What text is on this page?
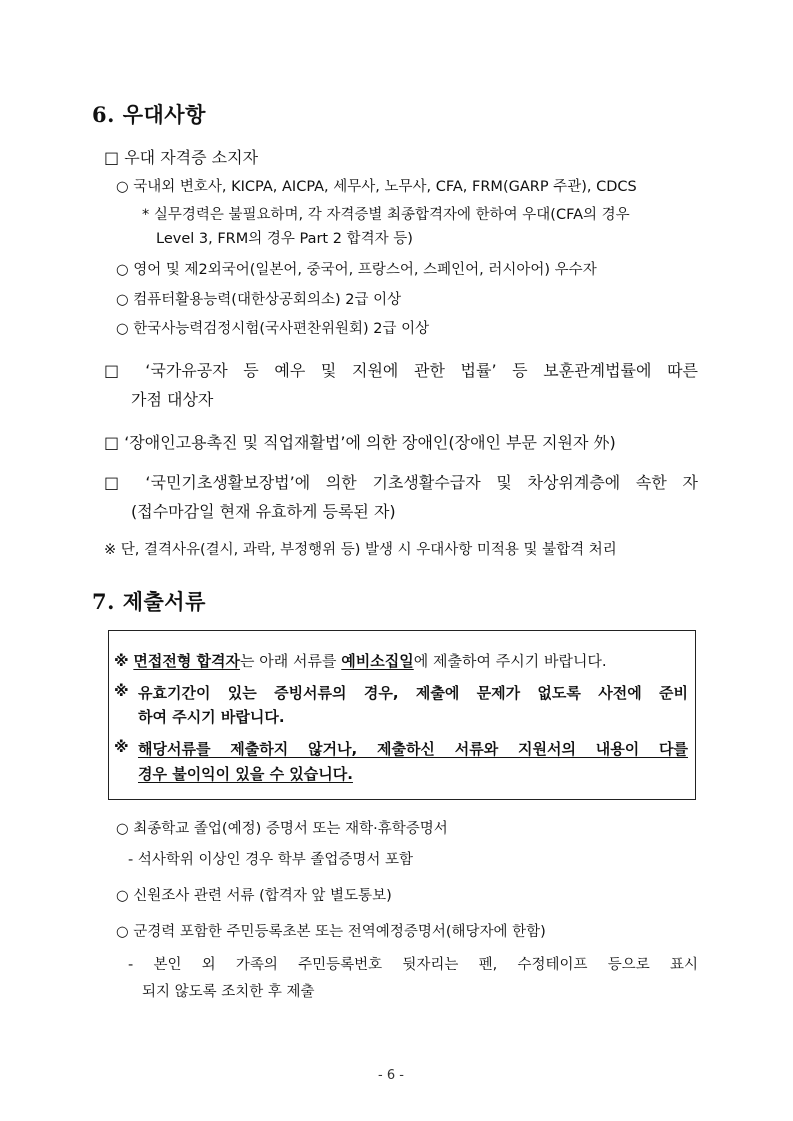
6. 우대사항
□ 우대 자격증 소지자
○ 국내외 변호사, KICPA, AICPA, 세무사, 노무사, CFA, FRM(GARP 주관), CDCS
* 실무경력은 불필요하며, 각 자격증별 최종합격자에 한하여 우대(CFA의 경우
Level 3, FRM의 경우 Part 2 합격자 등)
○ 영어 및 제2외국어(일본어, 중국어, 프랑스어, 스페인어, 러시아어) 우수자
○ 컴퓨터활용능력(대한상공회의소) 2급 이상
○ 한국사능력검정시험(국사편찬위원회) 2급 이상
□ ‘국가유공자 등 예우 및 지원에 관한 법률’ 등 보훈관계법률에 따른
가점 대상자
□ ‘장애인고용촉진 및 직업재활법’에 의한 장애인(장애인 부문 지원자 外)
□ ‘국민기초생활보장법’에 의한 기초생활수급자 및 차상위계층에 속한 자
(접수마감일 현재 유효하게 등록된 자)
※ 단, 결격사유(결시, 과락, 부정행위 등) 발생 시 우대사항 미적용 및 불합격 처리
7. 제출서류
※ 면접전형 합격자는 아래 서류를 예비소집일에 제출하여 주시기 바랍니다.
※ 유효기간이 있는 증빙서류의 경우, 제출에 문제가 없도록 사전에 준비
하여 주시기 바랍니다.
※ 해당서류를 제출하지 않거나, 제출하신 서류와 지원서의 내용이 다를
경우 불이익이 있을 수 있습니다.
○ 최종학교 졸업(예정) 증명서 또는 재학·휴학증명서
- 석사학위 이상인 경우 학부 졸업증명서 포함
○ 신원조사 관련 서류 (합격자 앞 별도통보)
○ 군경력 포함한 주민등록초본 또는 전역예정증명서(해당자에 한함)
- 본인 외 가족의 주민등록번호 뒷자리는 펜, 수정테이프 등으로 표시
되지 않도록 조치한 후 제출
- 6 -
